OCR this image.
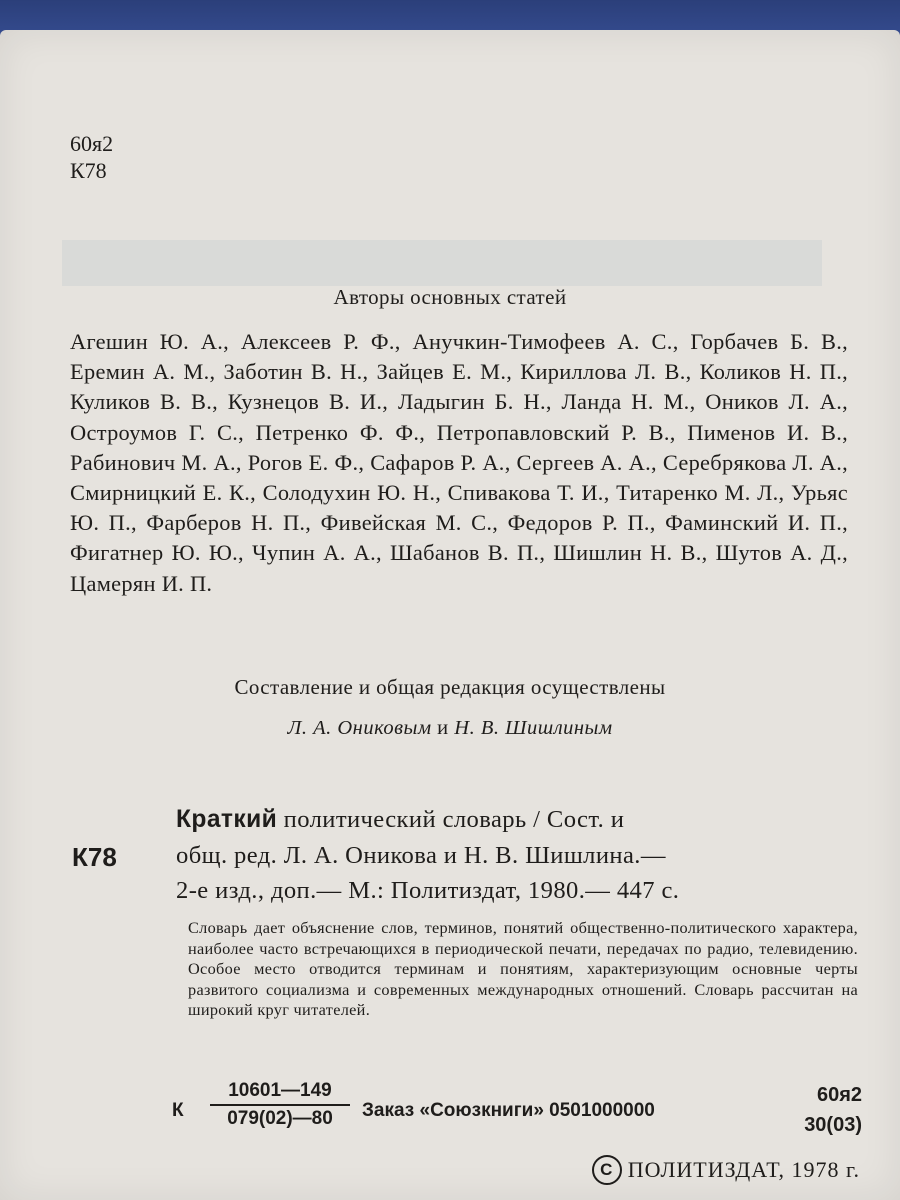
60я2
К78
Авторы основных статей
Агешин Ю. А., Алексеев Р. Ф., Анучкин-Тимофеев А. С., Горбачев Б. В., Еремин А. М., Заботин В. Н., Зайцев Е. М., Кириллова Л. В., Коликов Н. П., Куликов В. В., Кузнецов В. И., Ладыгин Б. Н., Ланда Н. М., Оников Л. А., Остроумов Г. С., Петренко Ф. Ф., Петропавловский Р. В., Пименов И. В., Рабинович М. А., Рогов Е. Ф., Сафаров Р. А., Сергеев А. А., Серебрякова Л. А., Смирницкий Е. К., Солодухин Ю. Н., Спивакова Т. И., Титаренко М. Л., Урьяс Ю. П., Фарберов Н. П., Фивейская М. С., Федоров Р. П., Фаминский И. П., Фигатнер Ю. Ю., Чупин А. А., Шабанов В. П., Шишлин Н. В., Шутов А. Д., Цамерян И. П.
Составление и общая редакция осуществлены
Л. А. Ониковым и Н. В. Шишлиным
К78
Краткий политический словарь / Сост. и
общ. ред. Л. А. Оникова и Н. В. Шишлина.—
2-е изд., доп.— М.: Политиздат, 1980.— 447 с.
Словарь дает объяснение слов, терминов, понятий общественно-политического характера, наиболее часто встречающихся в периодической печати, передачах по радио, телевидению. Особое место отводится терминам и понятиям, характеризующим основные черты развитого социализма и современных международных отношений. Словарь рассчитан на широкий круг читателей.
К $\frac{10601—149}{079(02)—80}$ Заказ «Союзкниги» 0501000000
60я2
30(03)
С ПОЛИТИЗДАТ, 1978 г.
